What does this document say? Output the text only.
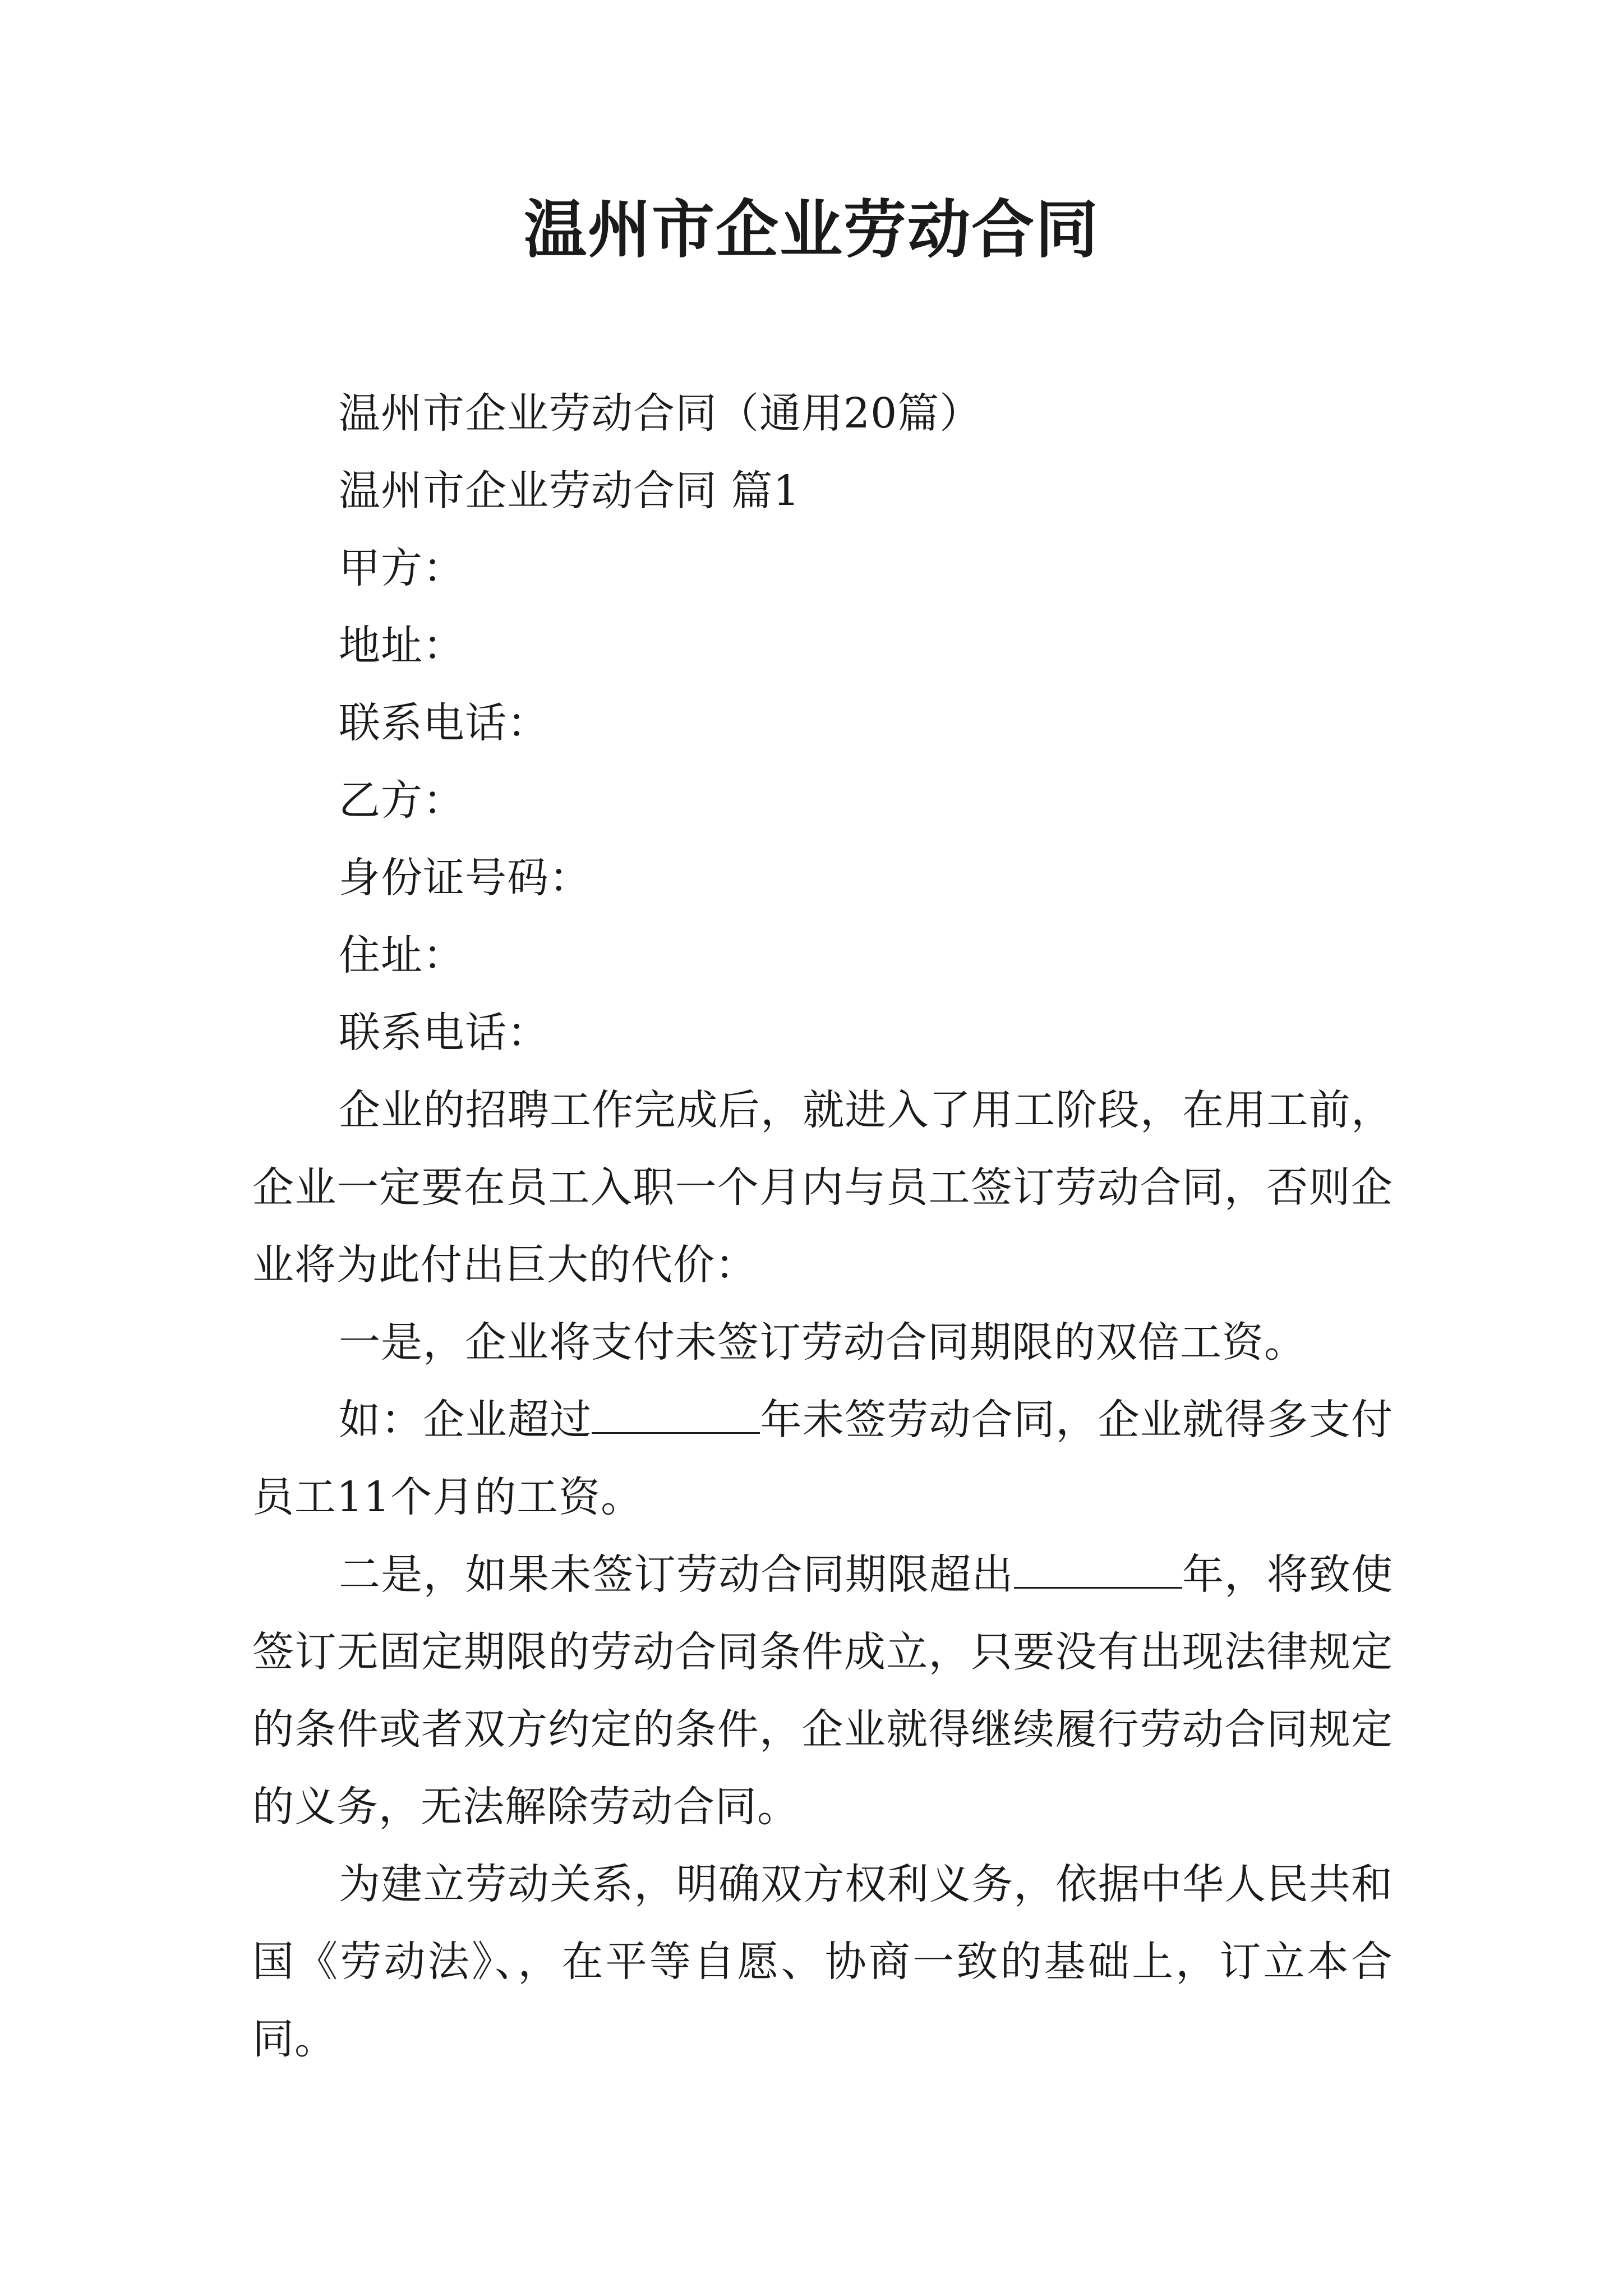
温州市企业劳动合同

温州市企业劳动合同（通用20篇）

温州市企业劳动合同 篇1

甲方：

地址：

联系电话：

乙方：

身份证号码：

住址：

联系电话：

企业的招聘工作完成后，就进入了用工阶段，在用工前，企业一定要在员工入职一个月内与员工签订劳动合同，否则企业将为此付出巨大的代价：

一是，企业将支付未签订劳动合同期限的双倍工资。

如：企业超过	年未签劳动合同，企业就得多支付员工11个月的工资。

二是，如果未签订劳动合同期限超出	年，将致使签订无固定期限的劳动合同条件成立，只要没有出现法律规定的条件或者双方约定的条件，企业就得继续履行劳动合同规定的义务，无法解除劳动合同。

为建立劳动关系，明确双方权利义务，依据中华人民共和国《劳动法》、，在平等自愿、协商一致的基础上，订立本合同。
